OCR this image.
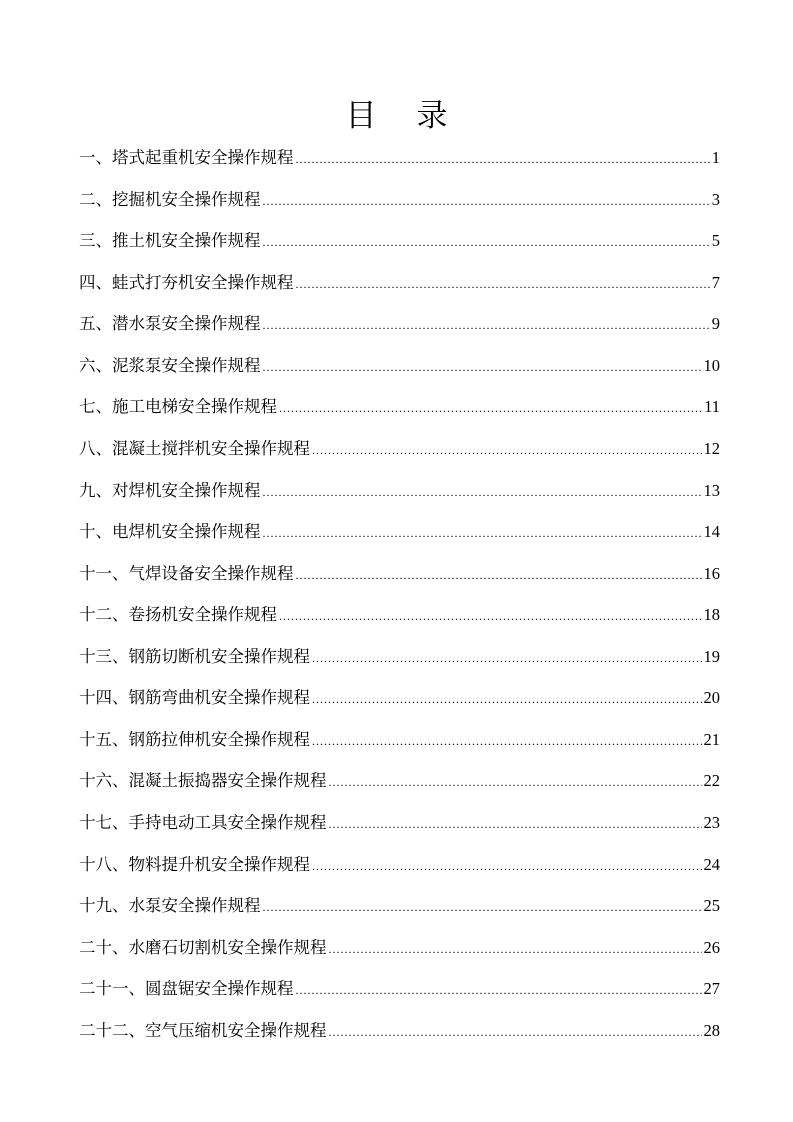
目 录
一、塔式起重机安全操作规程 .....	1
二、挖掘机安全操作规程 .....	3
三、推土机安全操作规程 .....	5
四、蛙式打夯机安全操作规程 .....	7
五、潜水泵安全操作规程 .....	9
六、泥浆泵安全操作规程 .....	10
七、施工电梯安全操作规程 .....	11
八、混凝土搅拌机安全操作规程 .....	12
九、对焊机安全操作规程 .....	13
十、电焊机安全操作规程 .....	14
十一、气焊设备安全操作规程 .....	16
十二、卷扬机安全操作规程 .....	18
十三、钢筋切断机安全操作规程 .....	19
十四、钢筋弯曲机安全操作规程 .....	20
十五、钢筋拉伸机安全操作规程 .....	21
十六、混凝土振捣器安全操作规程 .....	22
十七、手持电动工具安全操作规程 .....	23
十八、物料提升机安全操作规程 .....	24
十九、水泵安全操作规程 .....	25
二十、水磨石切割机安全操作规程 .....	26
二十一、圆盘锯安全操作规程 .....	27
二十二、空气压缩机安全操作规程 .....	28
